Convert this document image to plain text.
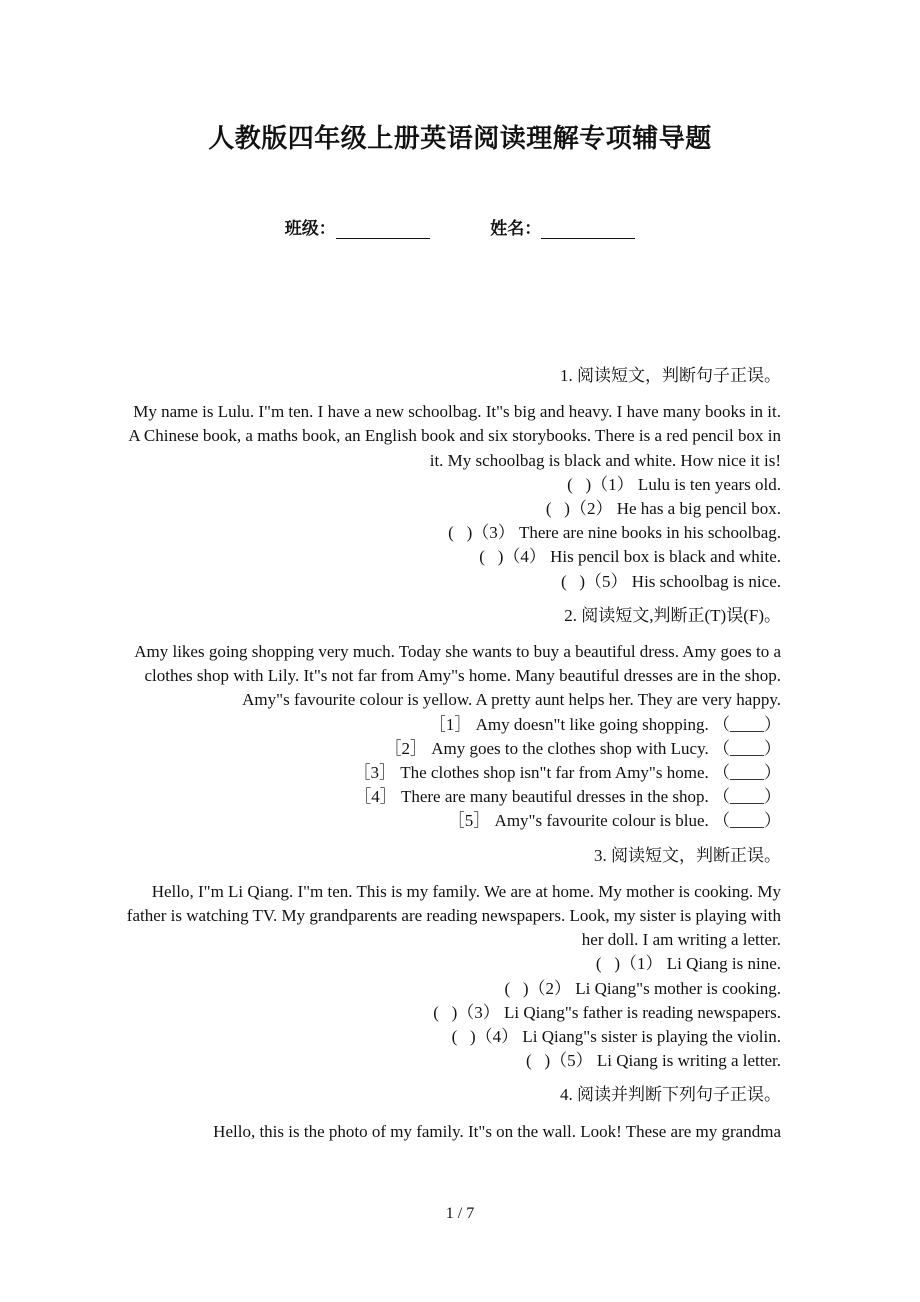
人教版四年级上册英语阅读理解专项辅导题
班级：	姓名：

1. 阅读短文，判断句子正误。

My name is Lulu. I"m ten. I have a new schoolbag. It"s big and heavy. I have many books in it. A Chinese book, a maths book, an English book and six storybooks. There is a red pencil box in it. My schoolbag is black and white. How nice it is!

(   )（1） Lulu is ten years old.

(   )（2） He has a big pencil box.

(   )（3） There are nine books in his schoolbag.

(   )（4） His pencil box is black and white.

(   )（5） His schoolbag is nice.

2. 阅读短文,判断正(T)误(F)。

Amy likes going shopping very much. Today she wants to buy a beautiful dress. Amy goes to a clothes shop with Lily. It"s not far from Amy"s home. Many beautiful dresses are in the shop. Amy"s favourite colour is yellow. A pretty aunt helps her. They are very happy.

［1］ Amy doesn"t like going shopping. （____）

［2］ Amy goes to the clothes shop with Lucy. （____）

［3］ The clothes shop isn"t far from Amy"s home. （____）

［4］ There are many beautiful dresses in the shop. （____）

［5］ Amy"s favourite colour is blue. （____）

3. 阅读短文，判断正误。

Hello, I"m Li Qiang. I"m ten. This is my family. We are at home. My mother is cooking. My father is watching TV. My grandparents are reading newspapers. Look, my sister is playing with her doll. I am writing a letter.

(   )（1） Li Qiang is nine.

(   )（2） Li Qiang"s mother is cooking.

(   )（3） Li Qiang"s father is reading newspapers.

(   )（4） Li Qiang"s sister is playing the violin.

(   )（5） Li Qiang is writing a letter.

4. 阅读并判断下列句子正误。

Hello, this is the photo of my family. It"s on the wall. Look! These are my grandma

1 / 7
